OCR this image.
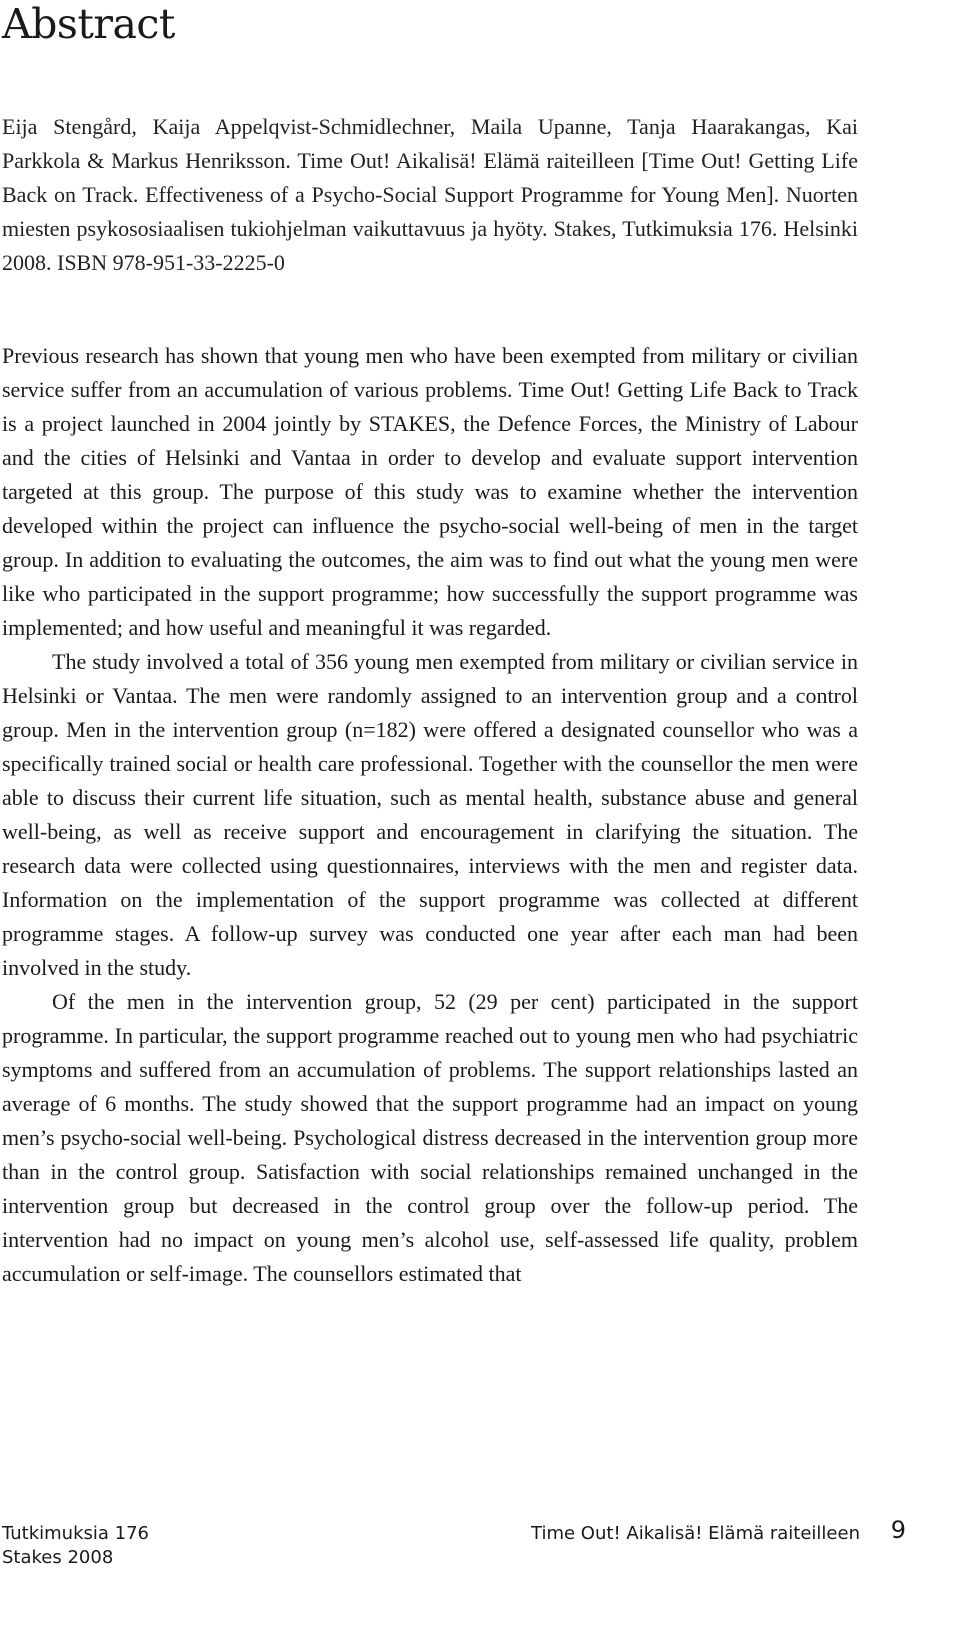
Abstract

Eija Stengård, Kaija Appelqvist-Schmidlechner, Maila Upanne, Tanja Haarakangas, Kai Parkkola & Markus Henriksson. Time Out! Aikalisä! Elämä raiteilleen [Time Out! Getting Life Back on Track. Effectiveness of a Psycho-Social Support Programme for Young Men]. Nuorten miesten psykososiaalisen tukiohjelman vaikuttavuus ja hyöty. Stakes, Tutkimuksia 176. Helsinki 2008. ISBN 978-951-33-2225-0

Previous research has shown that young men who have been exempted from military or civilian service suffer from an accumulation of various problems. Time Out! Getting Life Back to Track is a project launched in 2004 jointly by STAKES, the Defence Forces, the Ministry of Labour and the cities of Helsinki and Vantaa in order to develop and evaluate support intervention targeted at this group. The purpose of this study was to examine whether the intervention developed within the project can influence the psycho-social well-being of men in the target group. In addition to evaluating the outcomes, the aim was to find out what the young men were like who participated in the support programme; how successfully the support programme was implemented; and how useful and meaningful it was regarded.

The study involved a total of 356 young men exempted from military or civilian service in Helsinki or Vantaa. The men were randomly assigned to an intervention group and a control group. Men in the intervention group (n=182) were offered a designated counsellor who was a specifically trained social or health care professional. Together with the counsellor the men were able to discuss their current life situation, such as mental health, substance abuse and general well-being, as well as receive support and encouragement in clarifying the situation. The research data were collected using questionnaires, interviews with the men and register data. Information on the implementation of the support programme was collected at different programme stages. A follow-up survey was conducted one year after each man had been involved in the study.

Of the men in the intervention group, 52 (29 per cent) participated in the support programme. In particular, the support programme reached out to young men who had psychiatric symptoms and suffered from an accumulation of problems. The support relationships lasted an average of 6 months. The study showed that the support programme had an impact on young men’s psycho-social well-being. Psychological distress decreased in the intervention group more than in the control group. Satisfaction with social relationships remained unchanged in the intervention group but decreased in the control group over the follow-up period. The intervention had no impact on young men’s alcohol use, self-assessed life quality, problem accumulation or self-image. The counsellors estimated that

Tutkimuksia 176
Stakes 2008
Time Out! Aikalisä! Elämä raiteilleen 9
